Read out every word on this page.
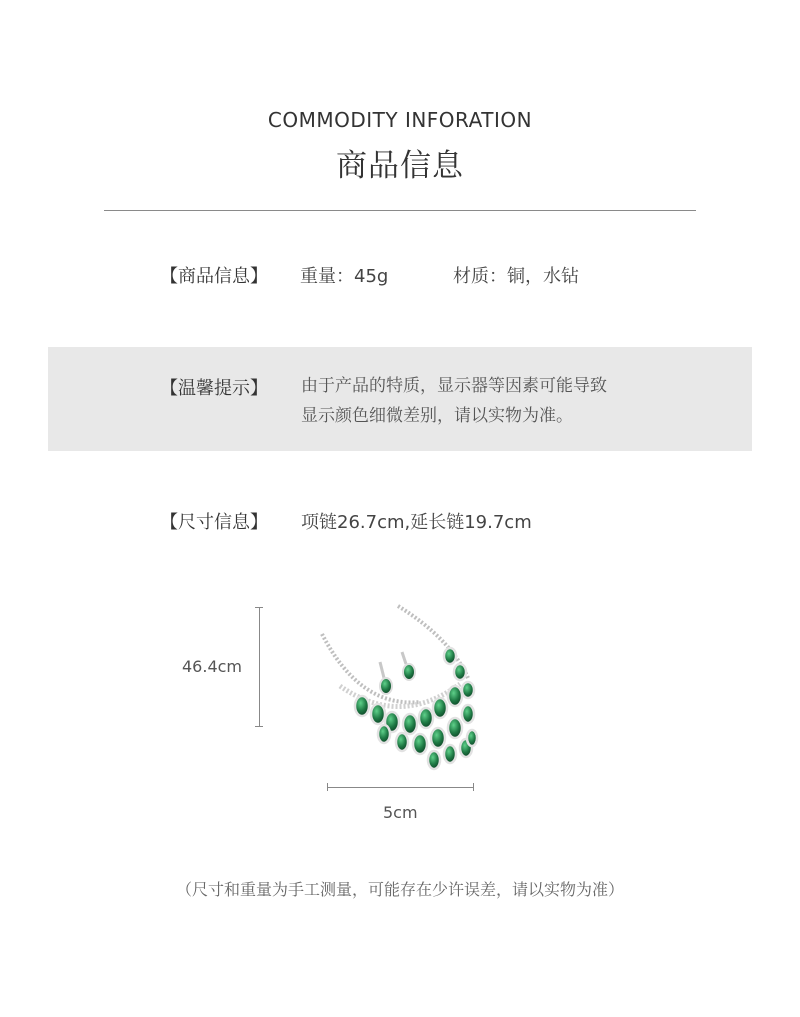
COMMODITY INFORATION
商品信息
【商品信息】 重量：45g	材质：铜，水钻
【温馨提示】 由于产品的特质，显示器等因素可能导致
显示颜色细微差别，请以实物为准。
【尺寸信息】 项链26.7cm,延长链19.7cm
46.4cm
5cm
（尺寸和重量为手工测量，可能存在少许误差，请以实物为准）
